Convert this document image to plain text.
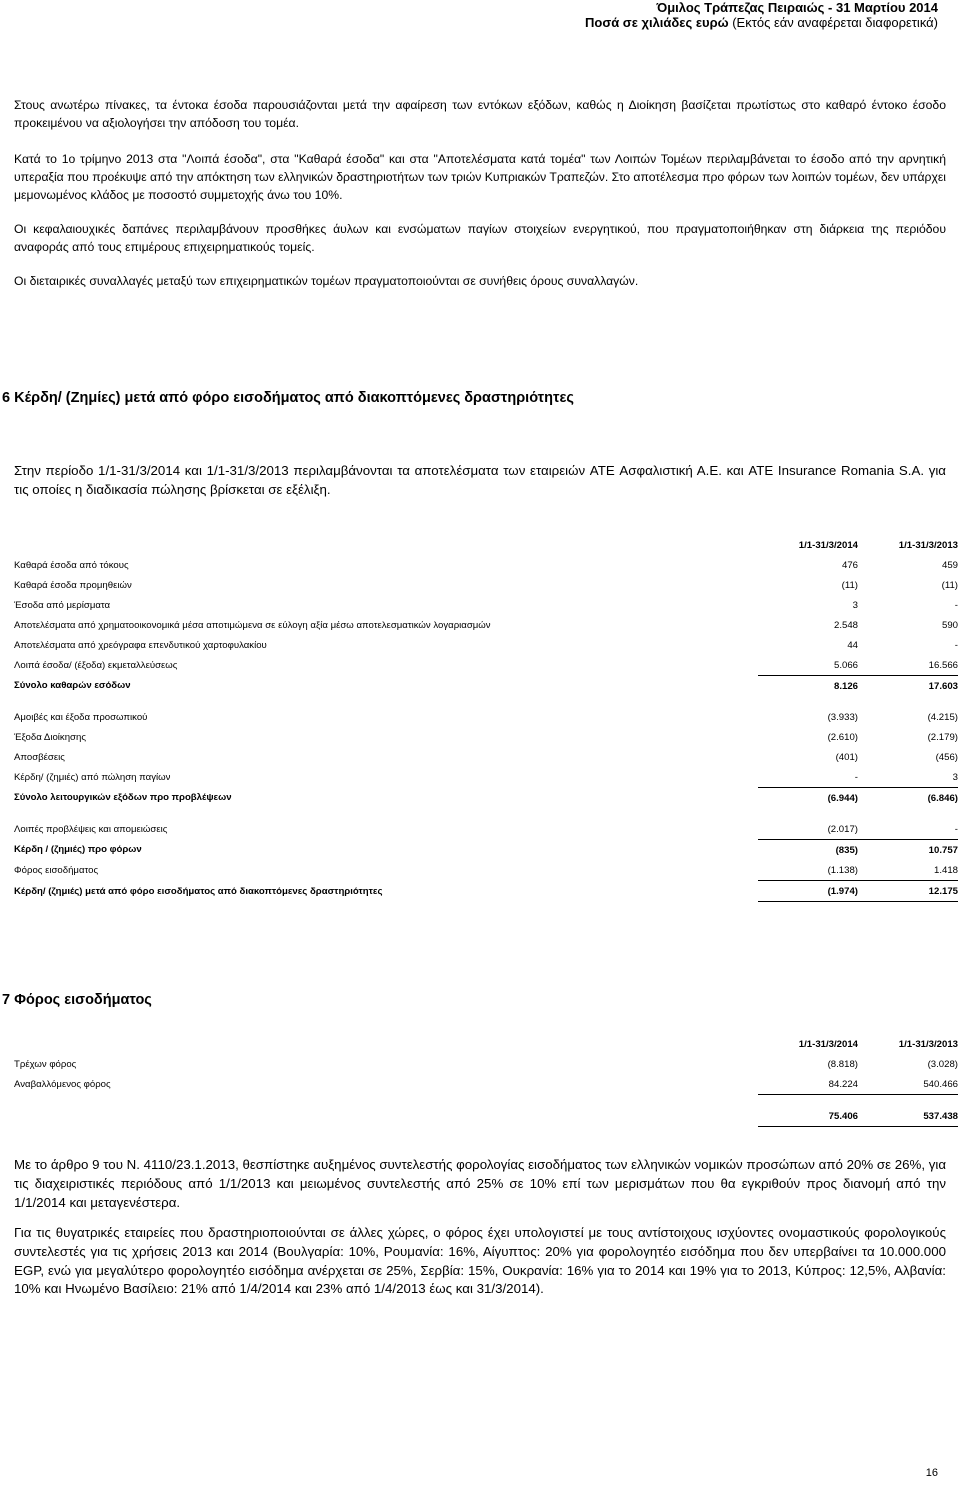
Όμιλος Τράπεζας Πειραιώς - 31 Μαρτίου 2014
Ποσά σε χιλιάδες ευρώ (Εκτός εάν αναφέρεται διαφορετικά)
Στους ανωτέρω πίνακες, τα έντοκα έσοδα παρουσιάζονται μετά την αφαίρεση των εντόκων εξόδων, καθώς η Διοίκηση βασίζεται πρωτίστως στο καθαρό έντοκο έσοδο προκειμένου να αξιολογήσει την απόδοση του τομέα.
Κατά το 1ο τρίμηνο 2013 στα "Λοιπά έσοδα", στα "Καθαρά έσοδα" και στα "Αποτελέσματα κατά τομέα" των Λοιπών Τομέων περιλαμβάνεται το έσοδο από την αρνητική υπεραξία που προέκυψε από την απόκτηση των ελληνικών δραστηριοτήτων των τριών Κυπριακών Τραπεζών. Στο αποτέλεσμα προ φόρων των λοιπών τομέων, δεν υπάρχει μεμονωμένος κλάδος με ποσοστό συμμετοχής άνω του 10%.
Οι κεφαλαιουχικές δαπάνες περιλαμβάνουν προσθήκες άυλων και ενσώματων παγίων στοιχείων ενεργητικού, που πραγματοποιήθηκαν στη διάρκεια της περιόδου αναφοράς από τους επιμέρους επιχειρηματικούς τομείς.
Οι διεταιρικές συναλλαγές μεταξύ των επιχειρηματικών τομέων πραγματοποιούνται σε συνήθεις όρους συναλλαγών.
6 Κέρδη/ (Ζημίες) μετά από φόρο εισοδήματος από διακοπτόμενες δραστηριότητες
Στην περίοδο 1/1-31/3/2014 και 1/1-31/3/2013 περιλαμβάνονται τα αποτελέσματα των εταιρειών ATE Ασφαλιστική Α.Ε. και ATE Insurance Romania S.A. για τις οποίες η διαδικασία πώλησης βρίσκεται σε εξέλιξη.
	1/1-31/3/2014	1/1-31/3/2013
Καθαρά έσοδα από τόκους	476	459
Καθαρά έσοδα προμηθειών	(11)	(11)
Έσοδα από μερίσματα	3	-
Αποτελέσματα από χρηματοοικονομικά μέσα αποτιμώμενα σε εύλογη αξία μέσω αποτελεσματικών λογαριασμών	2.548	590
Αποτελέσματα από χρεόγραφα επενδυτικού χαρτοφυλακίου	44	-
Λοιπά έσοδα/ (έξοδα) εκμεταλλεύσεως	5.066	16.566
Σύνολο καθαρών εσόδων	8.126	17.603

Αμοιβές και έξοδα προσωπικού	(3.933)	(4.215)
Έξοδα Διοίκησης	(2.610)	(2.179)
Αποσβέσεις	(401)	(456)
Κέρδη/ (ζημιές) από πώληση παγίων	-	3
Σύνολο λειτουργικών εξόδων προ προβλέψεων	(6.944)	(6.846)

Λοιπές προβλέψεις και απομειώσεις	(2.017)	-
Κέρδη / (ζημιές) προ φόρων	(835)	10.757
Φόρος εισοδήματος	(1.138)	1.418
Κέρδη/ (ζημιές) μετά από φόρο εισοδήματος από διακοπτόμενες δραστηριότητες	(1.974)	12.175
7 Φόρος εισοδήματος
	1/1-31/3/2014	1/1-31/3/2013
Τρέχων φόρος	(8.818)	(3.028)
Αναβαλλόμενος φόρος	84.224	540.466

	75.406	537.438
Με το άρθρο 9 του Ν. 4110/23.1.2013, θεσπίστηκε αυξημένος συντελεστής φορολογίας εισοδήματος των ελληνικών νομικών προσώπων από 20% σε 26%, για τις διαχειριστικές περιόδους από 1/1/2013 και μειωμένος συντελεστής από 25% σε 10% επί των μερισμάτων που θα εγκριθούν προς διανομή από την 1/1/2014 και μεταγενέστερα.
Για τις θυγατρικές εταιρείες που δραστηριοποιούνται σε άλλες χώρες, ο φόρος έχει υπολογιστεί με τους αντίστοιχους ισχύοντες ονομαστικούς φορολογικούς συντελεστές για τις χρήσεις 2013 και 2014 (Βουλγαρία: 10%, Ρουμανία: 16%, Αίγυπτος: 20% για φορολογητέο εισόδημα που δεν υπερβαίνει τα 10.000.000 EGP, ενώ για μεγαλύτερο φορολογητέο εισόδημα ανέρχεται σε 25%, Σερβία: 15%, Ουκρανία: 16% για το 2014 και 19% για το 2013, Κύπρος: 12,5%, Αλβανία: 10% και Ηνωμένο Βασίλειο: 21% από 1/4/2014 και 23% από 1/4/2013 έως και 31/3/2014).
16
